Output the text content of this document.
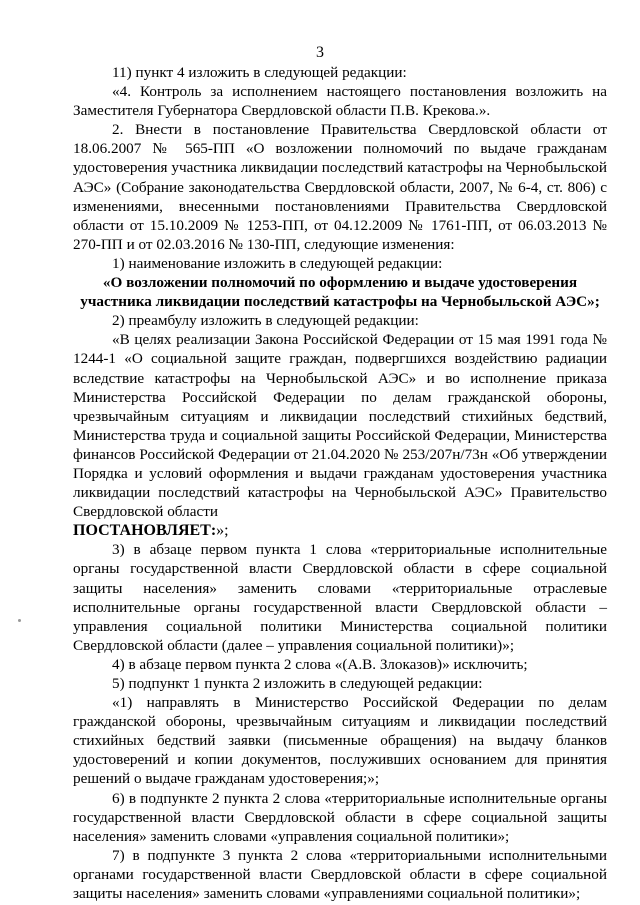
3

11) пункт 4 изложить в следующей редакции:

«4. Контроль за исполнением настоящего постановления возложить на Заместителя Губернатора Свердловской области П.В. Крекова.».

2. Внести в постановление Правительства Свердловской области от 18.06.2007 № 565-ПП «О возложении полномочий по выдаче гражданам удостоверения участника ликвидации последствий катастрофы на Чернобыльской АЭС» (Собрание законодательства Свердловской области, 2007, № 6-4, ст. 806) с изменениями, внесенными постановлениями Правительства Свердловской области от 15.10.2009 № 1253-ПП, от 04.12.2009 № 1761-ПП, от 06.03.2013 № 270-ПП и от 02.03.2016 № 130-ПП, следующие изменения:

1) наименование изложить в следующей редакции:

«О возложении полномочий по оформлению и выдаче удостоверения

участника ликвидации последствий катастрофы на Чернобыльской АЭС»;

2) преамбулу изложить в следующей редакции:

«В целях реализации Закона Российской Федерации от 15 мая 1991 года № 1244-1 «О социальной защите граждан, подвергшихся воздействию радиации вследствие катастрофы на Чернобыльской АЭС» и во исполнение приказа Министерства Российской Федерации по делам гражданской обороны, чрезвычайным ситуациям и ликвидации последствий стихийных бедствий, Министерства труда и социальной защиты Российской Федерации, Министерства финансов Российской Федерации от 21.04.2020 № 253/207н/73н «Об утверждении Порядка и условий оформления и выдачи гражданам удостоверения участника ликвидации последствий катастрофы на Чернобыльской АЭС» Правительство Свердловской области

ПОСТАНОВЛЯЕТ:»;

3) в абзаце первом пункта 1 слова «территориальные исполнительные органы государственной власти Свердловской области в сфере социальной защиты населения» заменить словами «территориальные отраслевые исполнительные органы государственной власти Свердловской области – управления социальной политики Министерства социальной политики Свердловской области (далее – управления социальной политики)»;

4) в абзаце первом пункта 2 слова «(А.В. Злоказов)» исключить;

5) подпункт 1 пункта 2 изложить в следующей редакции:

«1) направлять в Министерство Российской Федерации по делам гражданской обороны, чрезвычайным ситуациям и ликвидации последствий стихийных бедствий заявки (письменные обращения) на выдачу бланков удостоверений и копии документов, послуживших основанием для принятия решений о выдаче гражданам удостоверения;»;

6) в подпункте 2 пункта 2 слова «территориальные исполнительные органы государственной власти Свердловской области в сфере социальной защиты населения» заменить словами «управления социальной политики»;

7) в подпункте 3 пункта 2 слова «территориальными исполнительными органами государственной власти Свердловской области в сфере социальной защиты населения» заменить словами «управлениями социальной политики»;
